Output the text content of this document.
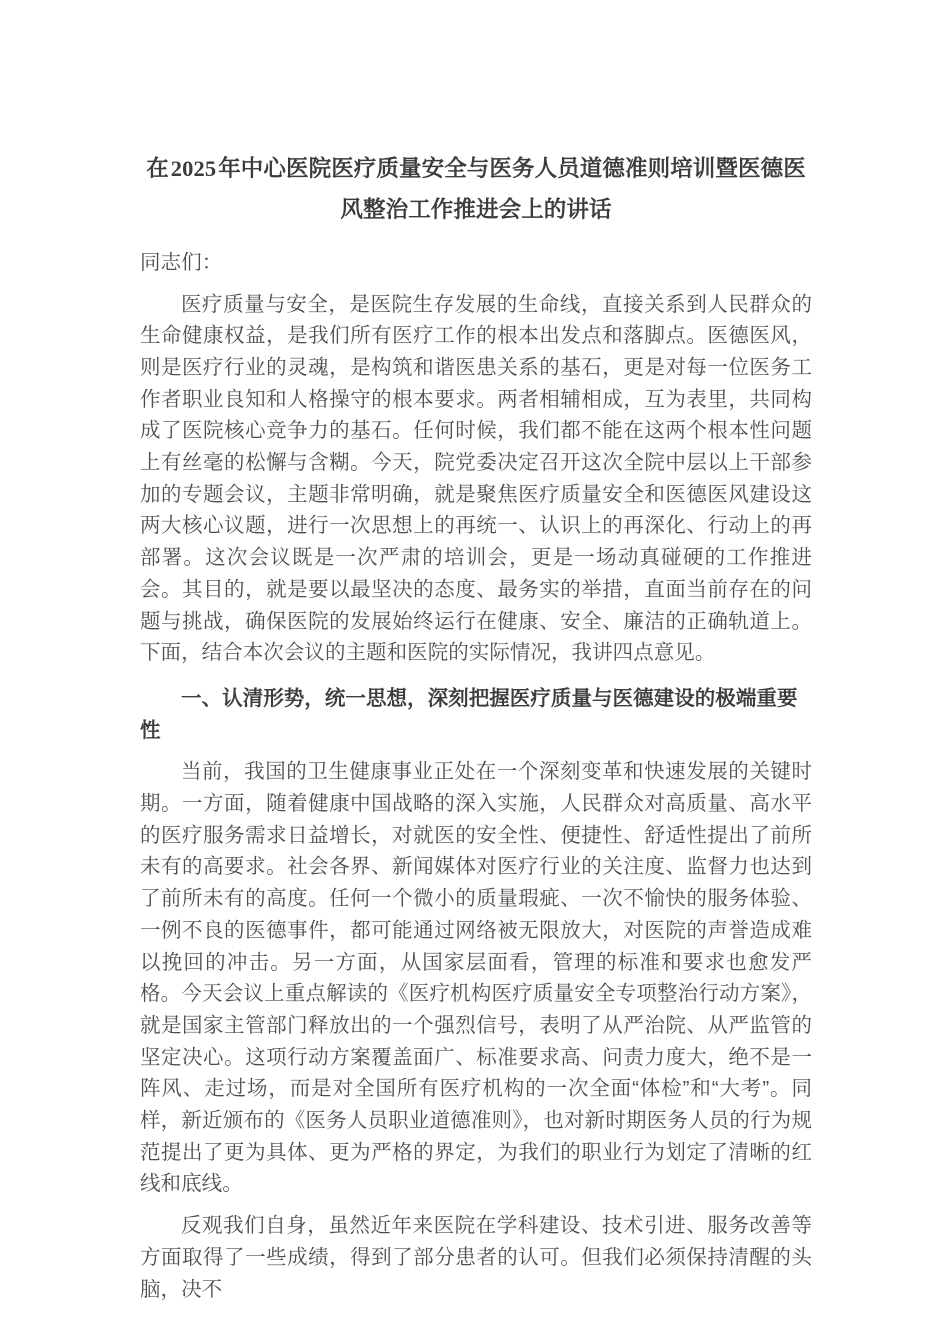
在2025年中心医院医疗质量安全与医务人员道德准则培训暨医德医风整治工作推进会上的讲话

同志们：

医疗质量与安全，是医院生存发展的生命线，直接关系到人民群众的生命健康权益，是我们所有医疗工作的根本出发点和落脚点。医德医风，则是医疗行业的灵魂，是构筑和谐医患关系的基石，更是对每一位医务工作者职业良知和人格操守的根本要求。两者相辅相成，互为表里，共同构成了医院核心竞争力的基石。任何时候，我们都不能在这两个根本性问题上有丝毫的松懈与含糊。今天，院党委决定召开这次全院中层以上干部参加的专题会议，主题非常明确，就是聚焦医疗质量安全和医德医风建设这两大核心议题，进行一次思想上的再统一、认识上的再深化、行动上的再部署。这次会议既是一次严肃的培训会，更是一场动真碰硬的工作推进会。其目的，就是要以最坚决的态度、最务实的举措，直面当前存在的问题与挑战，确保医院的发展始终运行在健康、安全、廉洁的正确轨道上。下面，结合本次会议的主题和医院的实际情况，我讲四点意见。

一、认清形势，统一思想，深刻把握医疗质量与医德建设的极端重要性

当前，我国的卫生健康事业正处在一个深刻变革和快速发展的关键时期。一方面，随着健康中国战略的深入实施，人民群众对高质量、高水平的医疗服务需求日益增长，对就医的安全性、便捷性、舒适性提出了前所未有的高要求。社会各界、新闻媒体对医疗行业的关注度、监督力也达到了前所未有的高度。任何一个微小的质量瑕疵、一次不愉快的服务体验、一例不良的医德事件，都可能通过网络被无限放大，对医院的声誉造成难以挽回的冲击。另一方面，从国家层面看，管理的标准和要求也愈发严格。今天会议上重点解读的《医疗机构医疗质量安全专项整治行动方案》，就是国家主管部门释放出的一个强烈信号，表明了从严治院、从严监管的坚定决心。这项行动方案覆盖面广、标准要求高、问责力度大，绝不是一阵风、走过场，而是对全国所有医疗机构的一次全面“体检”和“大考”。同样，新近颁布的《医务人员职业道德准则》，也对新时期医务人员的行为规范提出了更为具体、更为严格的界定，为我们的职业行为划定了清晰的红线和底线。

反观我们自身，虽然近年来医院在学科建设、技术引进、服务改善等方面取得了一些成绩，得到了部分患者的认可。但我们必须保持清醒的头脑，决不
